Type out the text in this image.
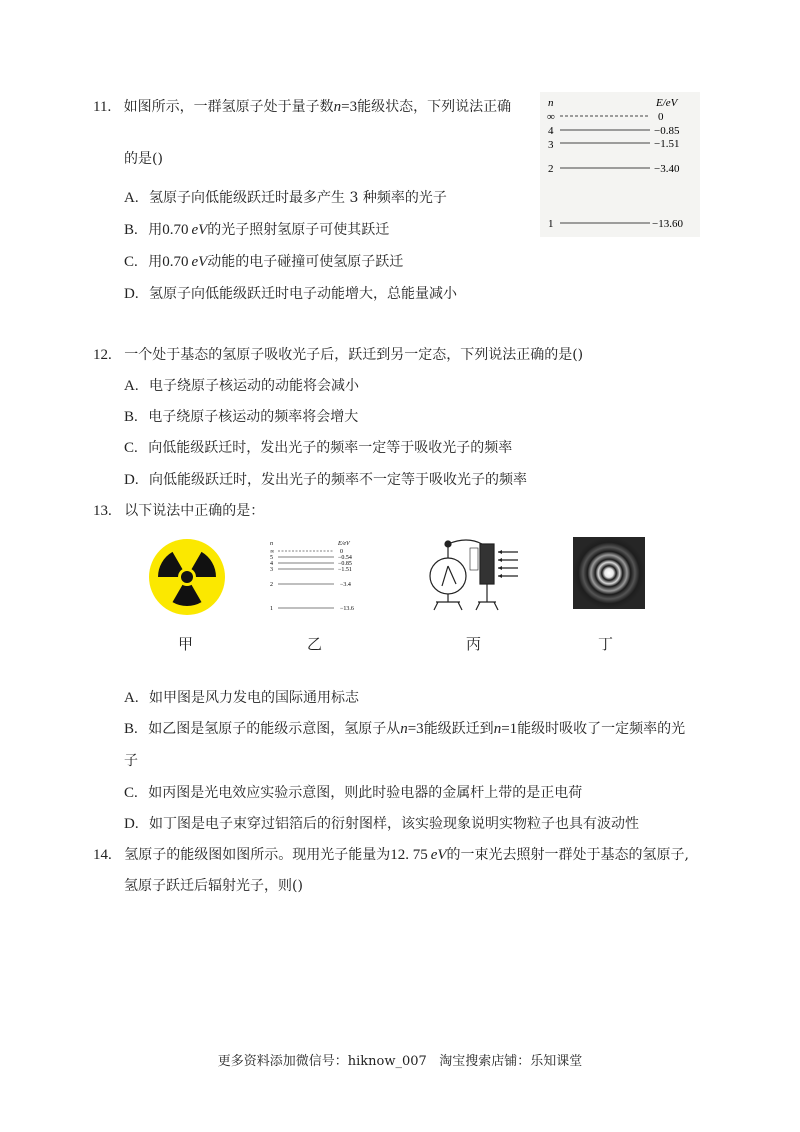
11. 如图所示，一群氢原子处于量子数n=3能级状态，下列说法正确
的是()
A. 氢原子向低能级跃迁时最多产生 3 种频率的光子
B. 用0.70 eV的光子照射氢原子可使其跃迁
C. 用0.70 eV动能的电子碰撞可使氢原子跃迁
D. 氢原子向低能级跃迁时电子动能增大，总能量减小
n	E/eV
∞	0
4	−0.85
3	−1.51
2	−3.40
1	−13.60
12. 一个处于基态的氢原子吸收光子后，跃迁到另一定态，下列说法正确的是()
A. 电子绕原子核运动的动能将会减小
B. 电子绕原子核运动的频率将会增大
C. 向低能级跃迁时，发出光子的频率一定等于吸收光子的频率
D. 向低能级跃迁时，发出光子的频率不一定等于吸收光子的频率
13. 以下说法中正确的是：
n	E/eV
∞	0
5	−0.54
4	−0.85
3	−1.51
2	−3.4
1	−13.6
甲	乙	丙	丁
A. 如甲图是风力发电的国际通用标志
B. 如乙图是氢原子的能级示意图，氢原子从n=3能级跃迁到n=1能级时吸收了一定频率的光
子
C. 如丙图是光电效应实验示意图，则此时验电器的金属杆上带的是正电荷
D. 如丁图是电子束穿过铝箔后的衍射图样，该实验现象说明实物粒子也具有波动性
14. 氢原子的能级图如图所示。现用光子能量为12. 75 eV的一束光去照射一群处于基态的氢原子,
氢原子跃迁后辐射光子，则()
更多资料添加微信号：hiknow_007   淘宝搜索店铺：乐知课堂
